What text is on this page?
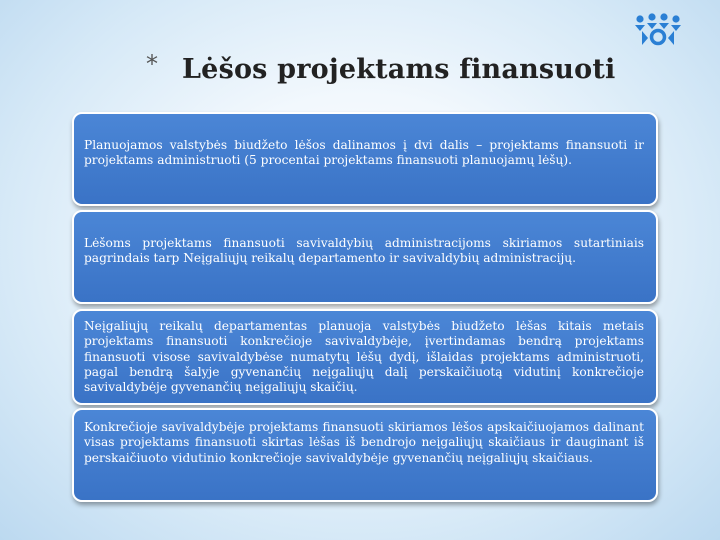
* Lėšos projektams finansuoti

Planuojamos valstybės biudžeto lėšos dalinamos į dvi dalis – projektams finansuoti ir projektams administruoti (5 procentai projektams finansuoti planuojamų lėšų).

Lėšoms projektams finansuoti savivaldybių administracijoms skiriamos sutartiniais pagrindais tarp Neįgaliųjų reikalų departamento ir savivaldybių administracijų.

Neįgaliųjų reikalų departamentas planuoja valstybės biudžeto lėšas kitais metais projektams finansuoti konkrečioje savivaldybėje, įvertindamas bendrą projektams finansuoti visose savivaldybėse numatytų lėšų dydį, išlaidas projektams administruoti, pagal bendrą šalyje gyvenančių neįgaliųjų dalį perskaičiuotą vidutinį konkrečioje savivaldybėje gyvenančių neįgaliųjų skaičių.

Konkrečioje savivaldybėje projektams finansuoti skiriamos lėšos apskaičiuojamos dalinant visas projektams finansuoti skirtas lėšas iš bendrojo neįgaliųjų skaičiaus ir dauginant iš perskaičiuoto vidutinio konkrečioje savivaldybėje gyvenančių neįgaliųjų skaičiaus.
